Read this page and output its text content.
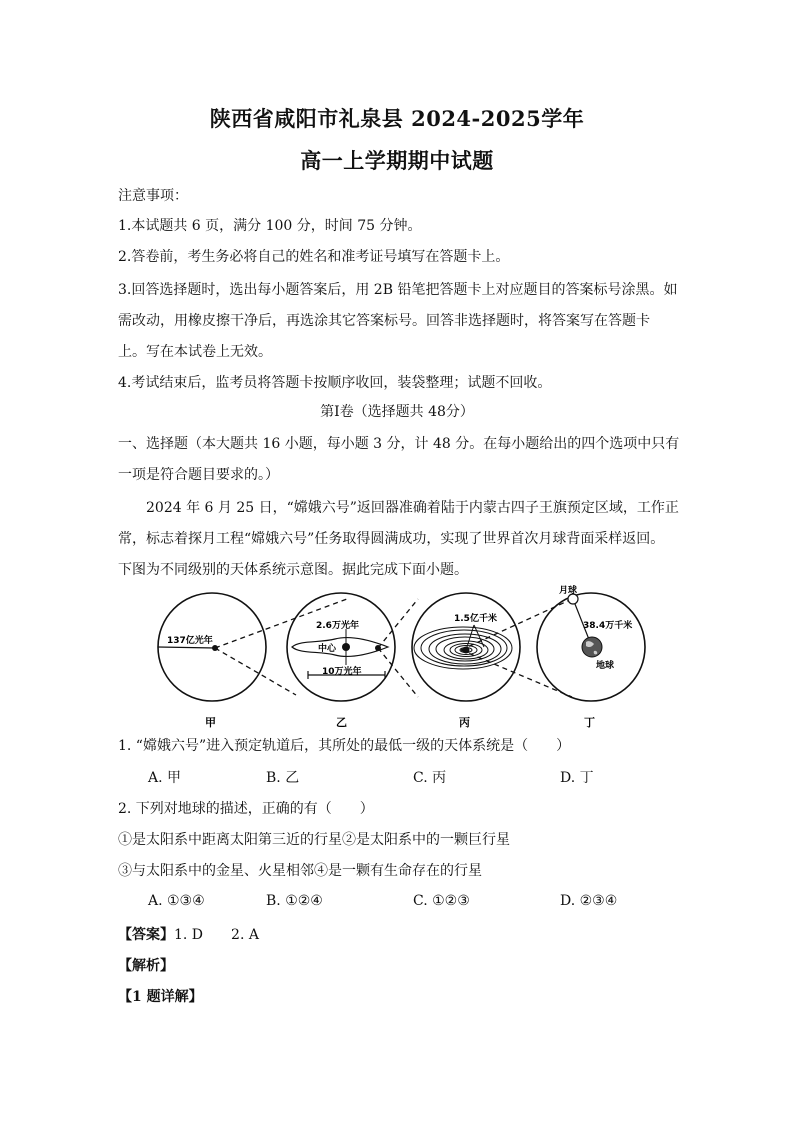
陕西省咸阳市礼泉县 2024-2025学年
高一上学期期中试题
注意事项：
1.本试题共 6 页，满分 100 分，时间 75 分钟。
2.答卷前，考生务必将自己的姓名和准考证号填写在答题卡上。
3.回答选择题时，选出每小题答案后，用 2B 铅笔把答题卡上对应题目的答案标号涂黑。如
需改动，用橡皮擦干净后，再选涂其它答案标号。回答非选择题时，将答案写在答题卡
上。写在本试卷上无效。
4.考试结束后，监考员将答题卡按顺序收回，装袋整理；试题不回收。
第Ⅰ卷（选择题共 48分）
一、选择题（本大题共 16 小题，每小题 3 分，计 48 分。在每小题给出的四个选项中只有
一项是符合题目要求的。）
2024 年 6 月 25 日，“嫦娥六号”返回器准确着陆于内蒙古四子王旗预定区域，工作正
常，标志着探月工程“嫦娥六号”任务取得圆满成功，实现了世界首次月球背面采样返回。
下图为不同级别的天体系统示意图。据此完成下面小题。
137亿光年
甲
2.6万光年
中心
10万光年
乙
1.5亿千米
丙
月球
38.4万千米
地球
丁
1. “嫦娥六号”进入预定轨道后，其所处的最低一级的天体系统是（　　）
A. 甲	B. 乙	C. 丙	D. 丁
2. 下列对地球的描述，正确的有（　　）
①是太阳系中距离太阳第三近的行星②是太阳系中的一颗巨行星
③与太阳系中的金星、火星相邻④是一颗有生命存在的行星
A. ①③④	B. ①②④	C. ①②③	D. ②③④
【答案】1. D　　2. A
【解析】
【1 题详解】
